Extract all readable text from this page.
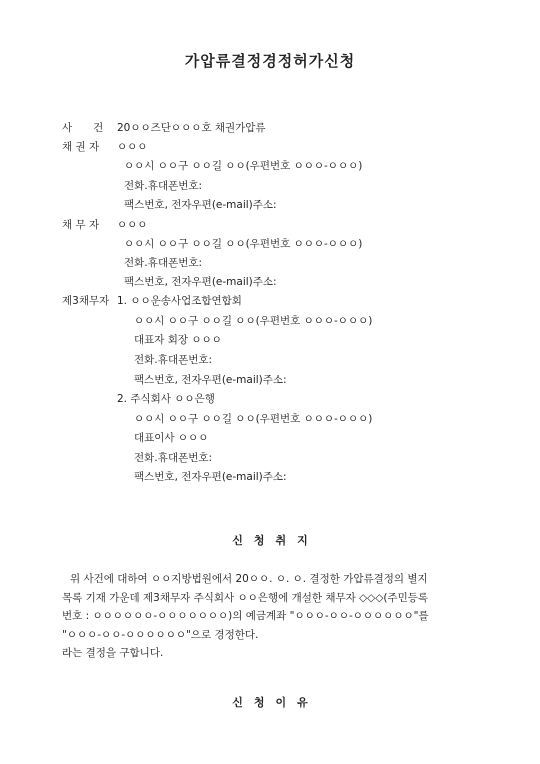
가압류결정경정허가신청
사　　건 20ㅇㅇ즈단ㅇㅇㅇ호 채권가압류
채 권 자 ㅇㅇㅇ
ㅇㅇ시 ㅇㅇ구 ㅇㅇ길 ㅇㅇ(우편번호 ㅇㅇㅇ-ㅇㅇㅇ)
전화․휴대폰번호:
팩스번호, 전자우편(e-mail)주소:
채 무 자 ㅇㅇㅇ
ㅇㅇ시 ㅇㅇ구 ㅇㅇ길 ㅇㅇ(우편번호 ㅇㅇㅇ-ㅇㅇㅇ)
전화․휴대폰번호:
팩스번호, 전자우편(e-mail)주소:
제3채무자 1. ㅇㅇ운송사업조합연합회
ㅇㅇ시 ㅇㅇ구 ㅇㅇ길 ㅇㅇ(우편번호 ㅇㅇㅇ-ㅇㅇㅇ)
대표자 회장 ㅇㅇㅇ
전화․휴대폰번호:
팩스번호, 전자우편(e-mail)주소:
2. 주식회사 ㅇㅇ은행
ㅇㅇ시 ㅇㅇ구 ㅇㅇ길 ㅇㅇ(우편번호 ㅇㅇㅇ-ㅇㅇㅇ)
대표이사 ㅇㅇㅇ
전화․휴대폰번호:
팩스번호, 전자우편(e-mail)주소:
신　청　취　지
위 사건에 대하여 ㅇㅇ지방법원에서 20ㅇㅇ. ㅇ. ㅇ. 결정한 가압류결정의 별지
목록 기재 가운데 제3채무자 주식회사 ㅇㅇ은행에 개설한 채무자 ◇◇◇(주민등록
번호 : ㅇㅇㅇㅇㅇㅇ-ㅇㅇㅇㅇㅇㅇㅇ)의 예금계좌 "ㅇㅇㅇ-ㅇㅇ-ㅇㅇㅇㅇㅇㅇ"를
"ㅇㅇㅇ-ㅇㅇ-ㅇㅇㅇㅇㅇㅇ"으로 경정한다.
라는 결정을 구합니다.
신　청　이　유
